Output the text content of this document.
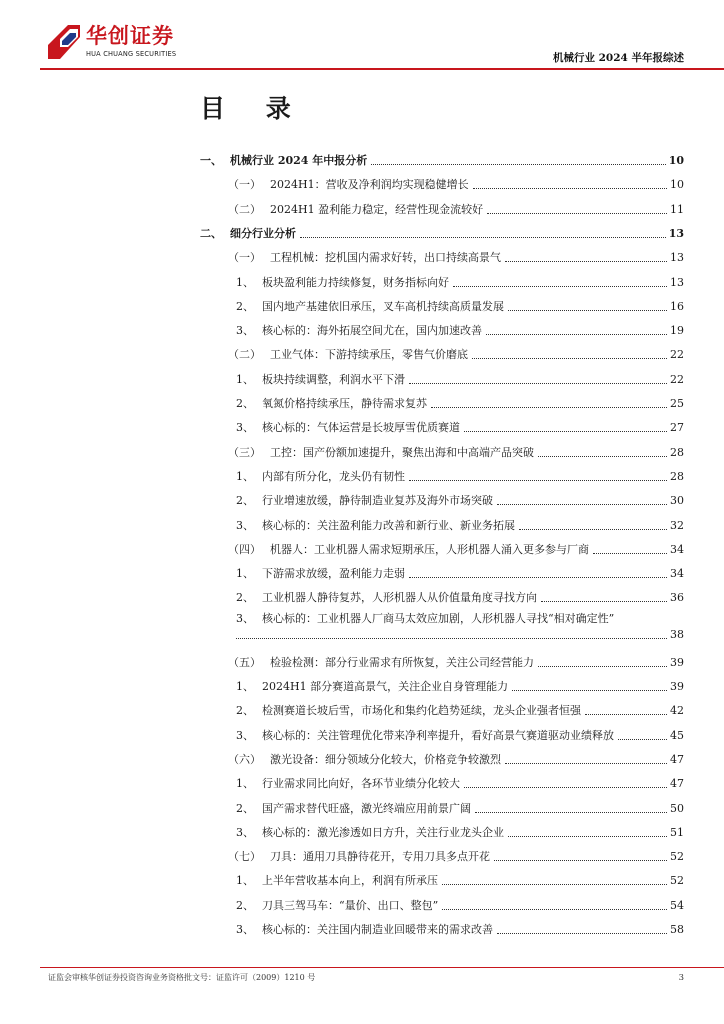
华创证券
HUA CHUANG SECURITIES	机械行业 2024 半年报综述
目 录
一、 机械行业 2024 年中报分析	10
（一） 2024H1：营收及净利润均实现稳健增长	10
（二） 2024H1 盈利能力稳定，经营性现金流较好	11
二、 细分行业分析	13
（一） 工程机械：挖机国内需求好转，出口持续高景气	13
1、 板块盈利能力持续修复，财务指标向好	13
2、 国内地产基建依旧承压，叉车高机持续高质量发展	16
3、 核心标的：海外拓展空间尤在，国内加速改善	19
（二） 工业气体：下游持续承压，零售气价磨底	22
1、 板块持续调整，利润水平下滑	22
2、 氧氮价格持续承压，静待需求复苏	25
3、 核心标的：气体运营是长坡厚雪优质赛道	27
（三） 工控：国产份额加速提升，聚焦出海和中高端产品突破	28
1、 内部有所分化，龙头仍有韧性	28
2、 行业增速放缓，静待制造业复苏及海外市场突破	30
3、 核心标的：关注盈利能力改善和新行业、新业务拓展	32
（四） 机器人：工业机器人需求短期承压，人形机器人涌入更多参与厂商	34
1、 下游需求放缓，盈利能力走弱	34
2、 工业机器人静待复苏，人形机器人从价值量角度寻找方向	36
3、 核心标的：工业机器人厂商马太效应加剧，人形机器人寻找“相对确定性”
38
（五） 检验检测：部分行业需求有所恢复，关注公司经营能力	39
1、 2024H1 部分赛道高景气，关注企业自身管理能力	39
2、 检测赛道长坡后雪，市场化和集约化趋势延续，龙头企业强者恒强	42
3、 核心标的：关注管理优化带来净利率提升，看好高景气赛道驱动业绩释放	45
（六） 激光设备：细分领域分化较大，价格竞争较激烈	47
1、 行业需求同比向好，各环节业绩分化较大	47
2、 国产需求替代旺盛，激光终端应用前景广阔	50
3、 核心标的：激光渗透如日方升，关注行业龙头企业	51
（七） 刀具：通用刀具静待花开，专用刀具多点开花	52
1、 上半年营收基本向上，利润有所承压	52
2、 刀具三驾马车：“量价、出口、整包”	54
3、 核心标的：关注国内制造业回暖带来的需求改善	58
证监会审核华创证券投资咨询业务资格批文号：证监许可（2009）1210 号	3
